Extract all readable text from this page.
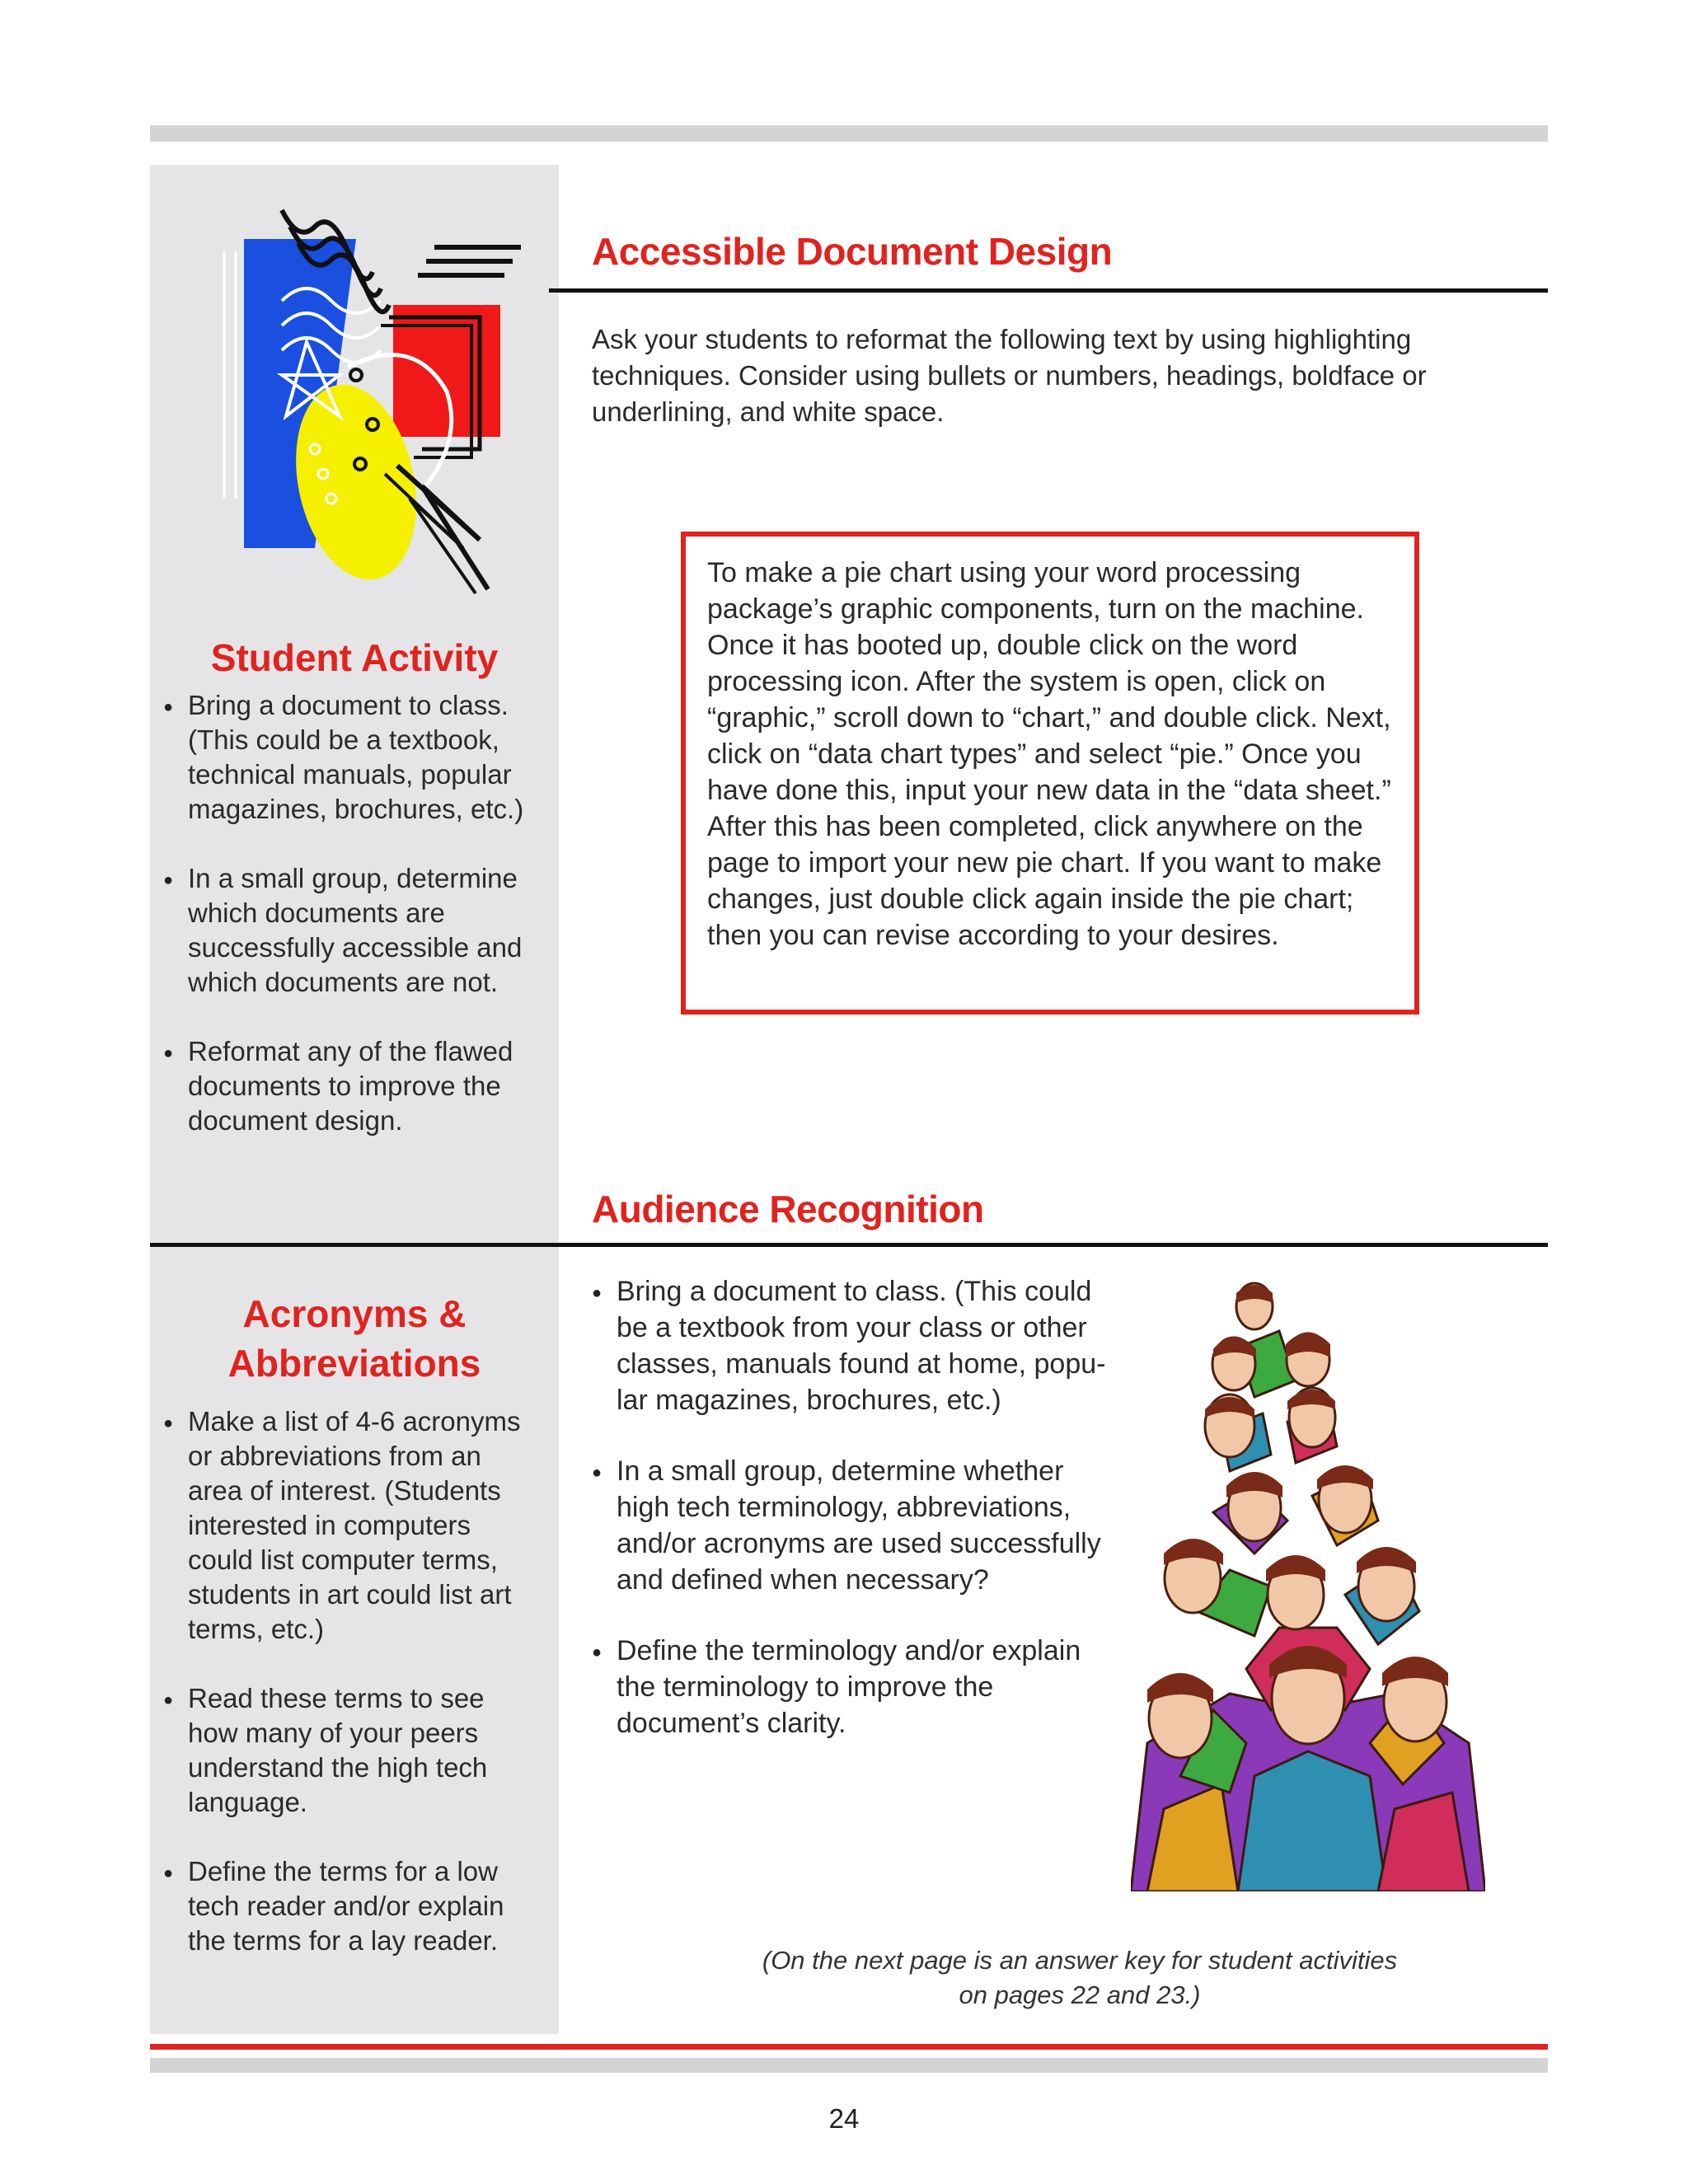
Accessible Document Design
Ask your students to reformat the following text by using highlighting techniques. Consider using bullets or numbers, headings, boldface or underlining, and white space.

To make a pie chart using your word processing package’s graphic components, turn on the machine. Once it has booted up, double click on the word processing icon. After the system is open, click on “graphic,” scroll down to “chart,” and double click. Next, click on “data chart types” and select “pie.” Once you have done this, input your new data in the “data sheet.” After this has been completed, click anywhere on the page to import your new pie chart. If you want to make changes, just double click again inside the pie chart; then you can revise according to your desires.

Student Activity
● Bring a document to class. (This could be a textbook, technical manuals, popular magazines, brochures, etc.)
● In a small group, determine which documents are successfully accessible and which documents are not.
● Reformat any of the flawed documents to improve the document design.
Audience Recognition
Acronyms &
Abbreviations
● Make a list of 4-6 acronyms or abbreviations from an area of interest. (Students interested in computers could list computer terms, students in art could list art terms, etc.)
● Read these terms to see how many of your peers understand the high tech language.
● Define the terms for a low tech reader and/or explain the terms for a lay reader.
● Bring a document to class. (This could be a textbook from your class or other classes, manuals found at home, popu-lar magazines, brochures, etc.)
● In a small group, determine whether high tech terminology, abbreviations, and/or acronyms are used successfully and defined when necessary?
● Define the terminology and/or explain the terminology to improve the document’s clarity.
(On the next page is an answer key for student activities
on pages 22 and 23.)
24
